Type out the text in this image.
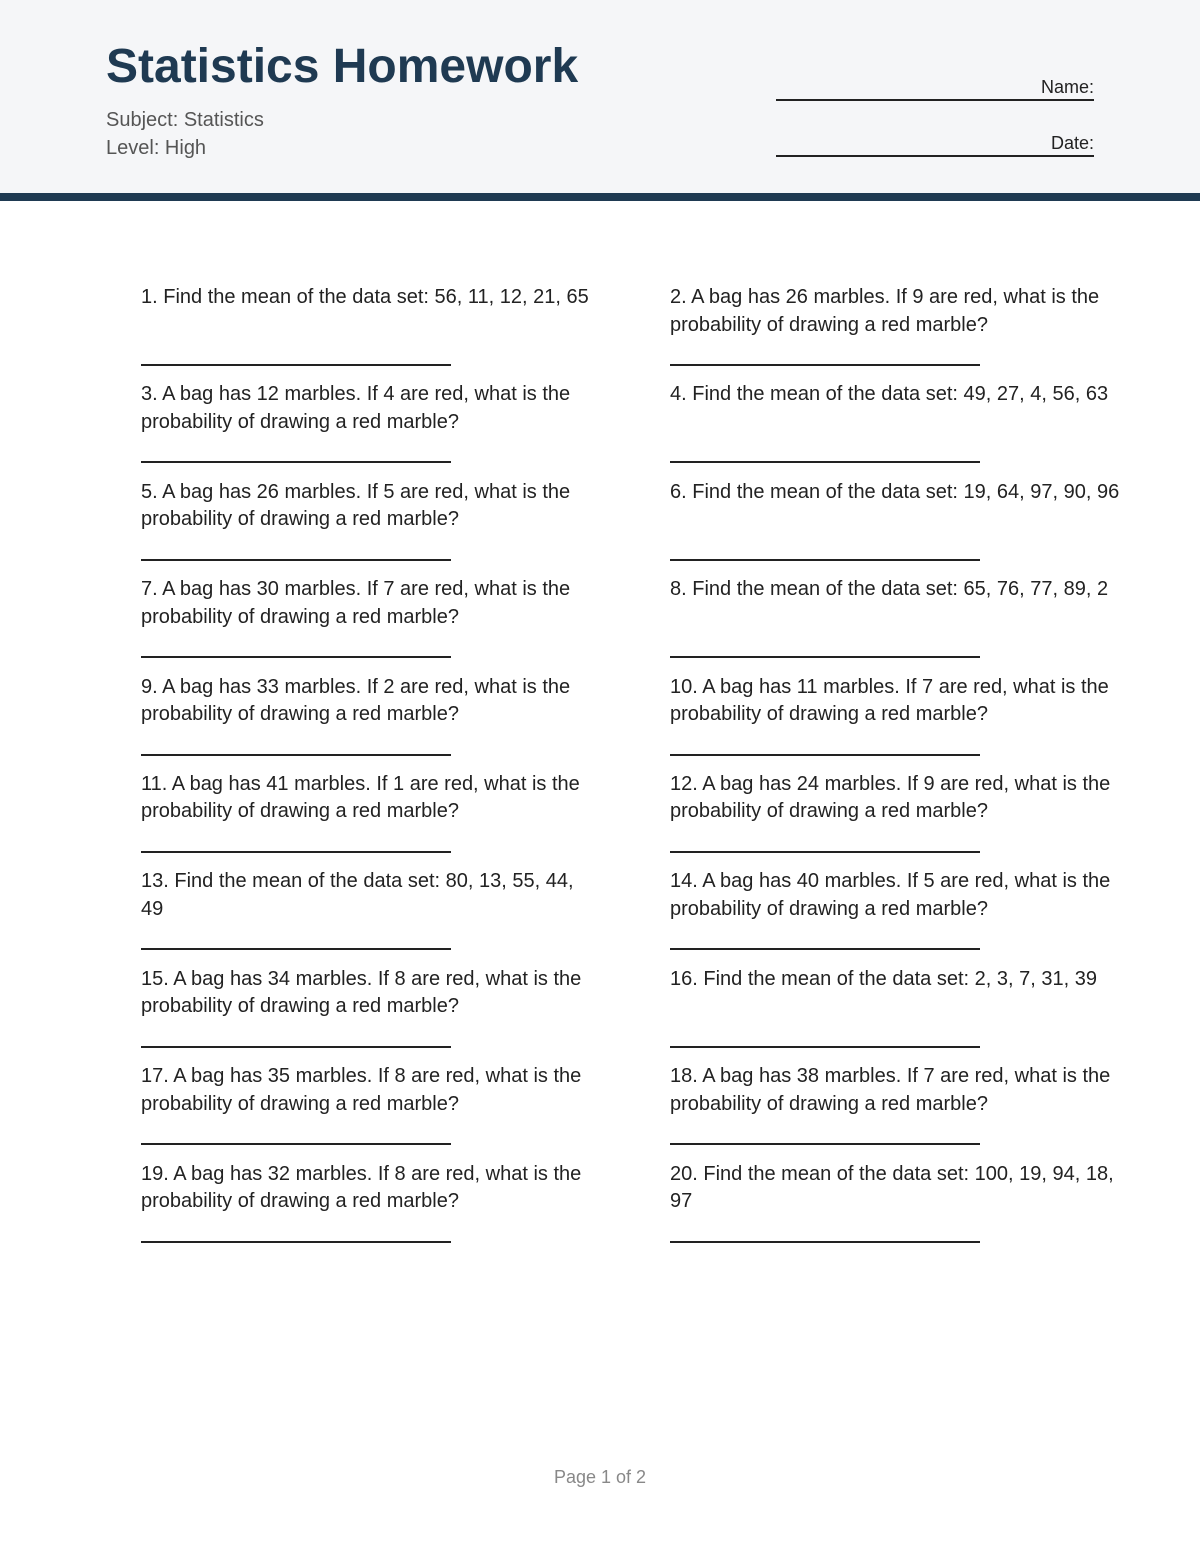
Statistics Homework
Subject: Statistics
Level: High
Name:
Date:

1. Find the mean of the data set: 56, 11, 12, 21, 65	2. A bag has 26 marbles. If 9 are red, what is the probability of drawing a red marble?

3. A bag has 12 marbles. If 4 are red, what is the probability of drawing a red marble?

4. Find the mean of the data set: 49, 27, 4, 56, 63

5. A bag has 26 marbles. If 5 are red, what is the probability of drawing a red marble?

6. Find the mean of the data set: 19, 64, 97, 90, 96

7. A bag has 30 marbles. If 7 are red, what is the probability of drawing a red marble?

8. Find the mean of the data set: 65, 76, 77, 89, 2

9. A bag has 33 marbles. If 2 are red, what is the probability of drawing a red marble?

10. A bag has 11 marbles. If 7 are red, what is the probability of drawing a red marble?

11. A bag has 41 marbles. If 1 are red, what is the probability of drawing a red marble?

12. A bag has 24 marbles. If 9 are red, what is the probability of drawing a red marble?

13. Find the mean of the data set: 80, 13, 55, 44, 49

14. A bag has 40 marbles. If 5 are red, what is the probability of drawing a red marble?

15. A bag has 34 marbles. If 8 are red, what is the probability of drawing a red marble?

16. Find the mean of the data set: 2, 3, 7, 31, 39

17. A bag has 35 marbles. If 8 are red, what is the probability of drawing a red marble?

18. A bag has 38 marbles. If 7 are red, what is the probability of drawing a red marble?

19. A bag has 32 marbles. If 8 are red, what is the probability of drawing a red marble?

20. Find the mean of the data set: 100, 19, 94, 18, 97

Page 1 of 2
